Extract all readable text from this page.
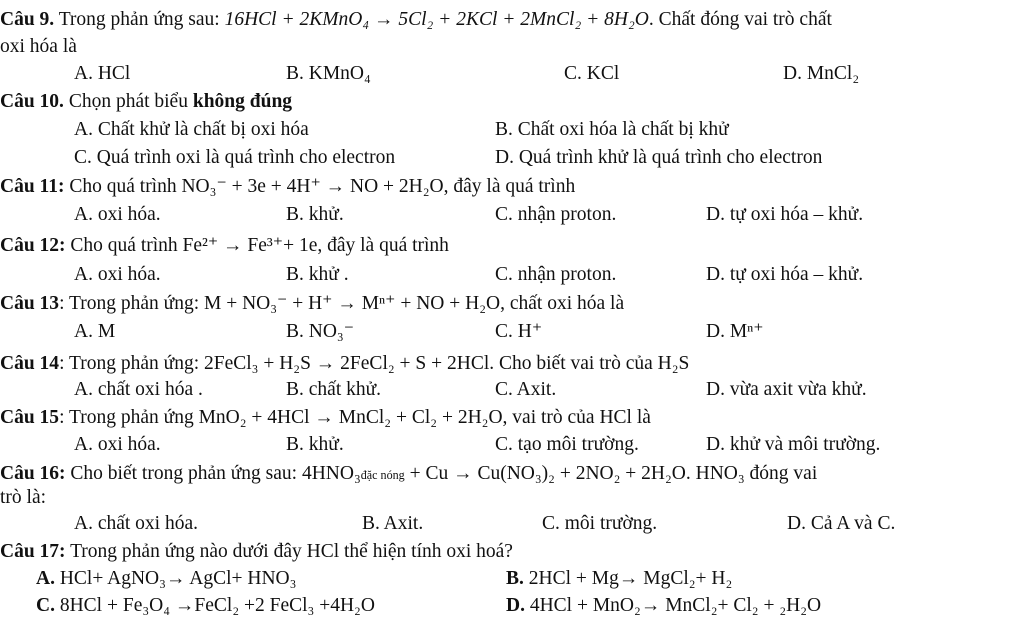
Câu 9. Trong phản ứng sau: 16HCl + 2KMnO₄ → 5Cl₂ + 2KCl + 2MnCl₂ + 8H₂O. Chất đóng vai trò chất
oxi hóa là
A. HCl	B. KMnO₄	C. KCl	D. MnCl₂
Câu 10. Chọn phát biểu không đúng
A. Chất khử là chất bị oxi hóa	B. Chất oxi hóa là chất bị khử
C. Quá trình oxi là quá trình cho electron	D. Quá trình khử là quá trình cho electron
Câu 11: Cho quá trình NO₃⁻ + 3e + 4H⁺ → NO + 2H₂O, đây là quá trình
A. oxi hóa.	B. khử.	C. nhận proton.	D. tự oxi hóa – khử.
Câu 12: Cho quá trình Fe²⁺ → Fe³⁺+ 1e, đây là quá trình
A. oxi hóa.	B. khử .	C. nhận proton.	D. tự oxi hóa – khử.
Câu 13: Trong phản ứng: M + NO₃⁻ + H⁺ → Mⁿ⁺ + NO + H₂O, chất oxi hóa là
A. M	B. NO₃⁻	C. H⁺	D. Mⁿ⁺
Câu 14: Trong phản ứng: 2FeCl₃ + H₂S → 2FeCl₂ + S + 2HCl. Cho biết vai trò của H₂S
A. chất oxi hóa .	B. chất khử.	C. Axit.	D. vừa axit vừa khử.
Câu 15: Trong phản ứng MnO₂ + 4HCl → MnCl₂ + Cl₂ + 2H₂O, vai trò của HCl là
A. oxi hóa.	B. khử.	C. tạo môi trường.	D. khử và môi trường.
Câu 16: Cho biết trong phản ứng sau: 4HNO₃đặc nóng + Cu → Cu(NO₃)₂ + 2NO₂ + 2H₂O. HNO₃ đóng vai
trò là:
A. chất oxi hóa.	B. Axit.	C. môi trường.	D. Cả A và C.
Câu 17: Trong phản ứng nào dưới đây HCl thể hiện tính oxi hoá?
A. HCl+ AgNO₃→ AgCl+ HNO₃	B. 2HCl + Mg→ MgCl₂+ H₂
C. 8HCl + Fe₃O₄ →FeCl₂ +2 FeCl₃ +4H₂O	D. 4HCl + MnO₂→ MnCl₂+ Cl₂ + ₂H₂O
